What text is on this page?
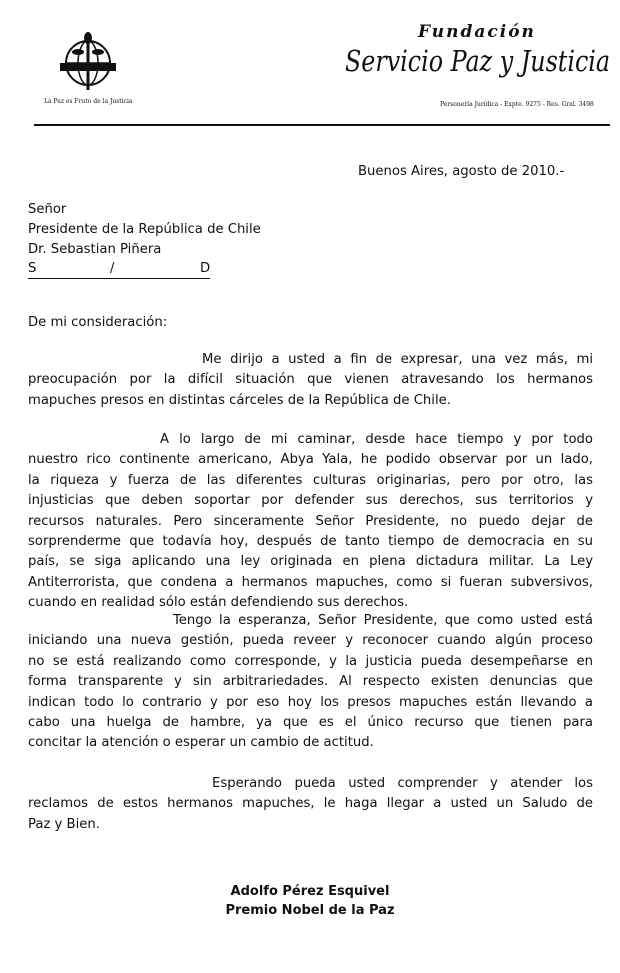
La Paz es Fruto de la Justicia
Fundación
Servicio Paz y Justicia
Personería Jurídica - Expte. 9275 - Res. Gral. 3498
Buenos Aires, agosto de 2010.-
Señor
Presidente de la República de Chile
Dr. Sebastian Piñera
S	/	D
De mi consideración:
Me dirijo a usted a fin de expresar, una vez más, mi
preocupación por la difícil situación que vienen atravesando los hermanos
mapuches presos en distintas cárceles de la República de Chile.
A lo largo de mi caminar, desde hace tiempo y por todo
nuestro rico continente americano, Abya Yala, he podido observar por un lado,
la riqueza y fuerza de las diferentes culturas originarias, pero por otro, las
injusticias que deben soportar por defender sus derechos, sus territorios y
recursos naturales. Pero sinceramente Señor Presidente, no puedo dejar de
sorprenderme que todavía hoy, después de tanto tiempo de democracia en su
país, se siga aplicando una ley originada en plena dictadura militar. La Ley
Antiterrorista, que condena a hermanos mapuches, como si fueran subversivos,
cuando en realidad sólo están defendiendo sus derechos.
Tengo la esperanza, Señor Presidente, que como usted está
iniciando una nueva gestión, pueda reveer y reconocer cuando algún proceso
no se está realizando como corresponde, y la justicia pueda desempeñarse en
forma transparente y sin arbitrariedades. Al respecto existen denuncias que
indican todo lo contrario y por eso hoy los presos mapuches están llevando a
cabo una huelga de hambre, ya que es el único recurso que tienen para
concitar la atención o esperar un cambio de actitud.
Esperando pueda usted comprender y atender los
reclamos de estos hermanos mapuches, le haga llegar a usted un Saludo de
Paz y Bien.
Adolfo Pérez Esquivel
Premio Nobel de la Paz
